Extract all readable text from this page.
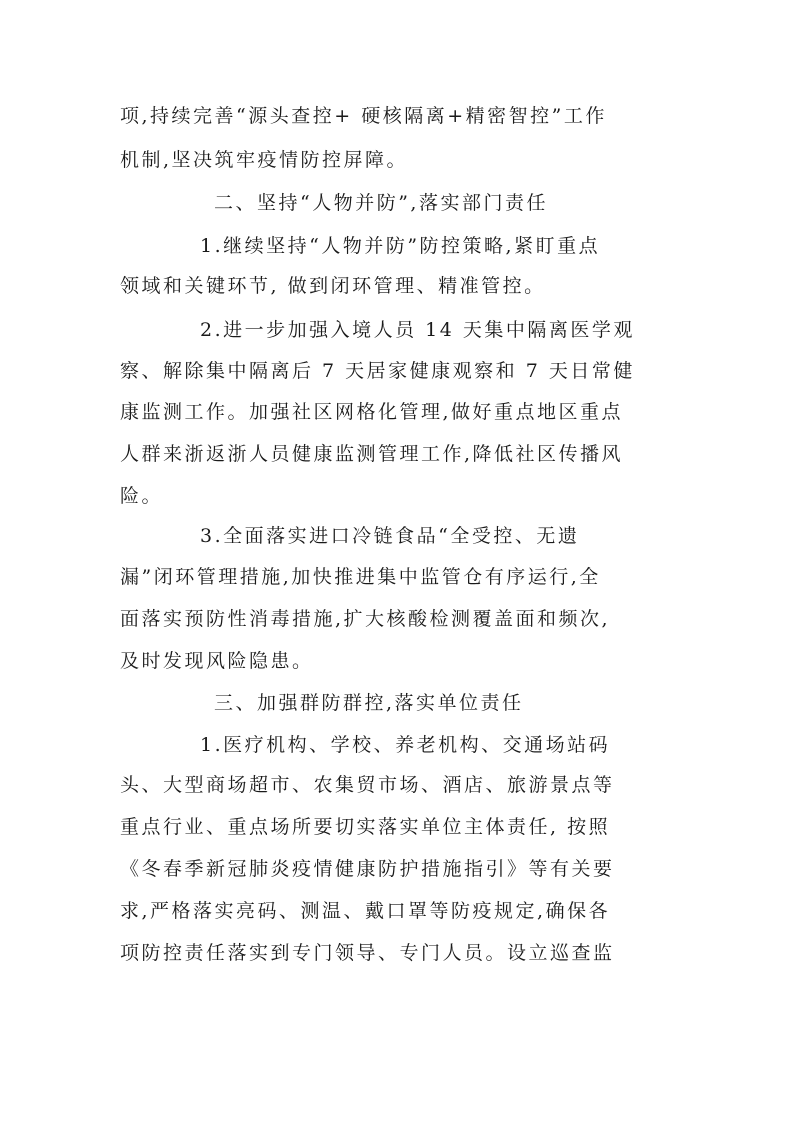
项,持续完善“源头查控+ 硬核隔离+精密智控”工作
机制,坚决筑牢疫情防控屏障。
二、坚持“人物并防”,落实部门责任
1.继续坚持“人物并防”防控策略,紧盯重点
领域和关键环节, 做到闭环管理、精准管控。
2.进一步加强入境人员 14 天集中隔离医学观
察、解除集中隔离后 7 天居家健康观察和 7 天日常健
康监测工作。加强社区网格化管理,做好重点地区重点
人群来浙返浙人员健康监测管理工作,降低社区传播风
险。
3.全面落实进口冷链食品“全受控、无遗
漏”闭环管理措施,加快推进集中监管仓有序运行,全
面落实预防性消毒措施,扩大核酸检测覆盖面和频次,
及时发现风险隐患。
三、加强群防群控,落实单位责任
1.医疗机构、学校、养老机构、交通场站码
头、大型商场超市、农集贸市场、酒店、旅游景点等
重点行业、重点场所要切实落实单位主体责任, 按照
《冬春季新冠肺炎疫情健康防护措施指引》等有关要
求,严格落实亮码、测温、戴口罩等防疫规定,确保各
项防控责任落实到专门领导、专门人员。设立巡查监
